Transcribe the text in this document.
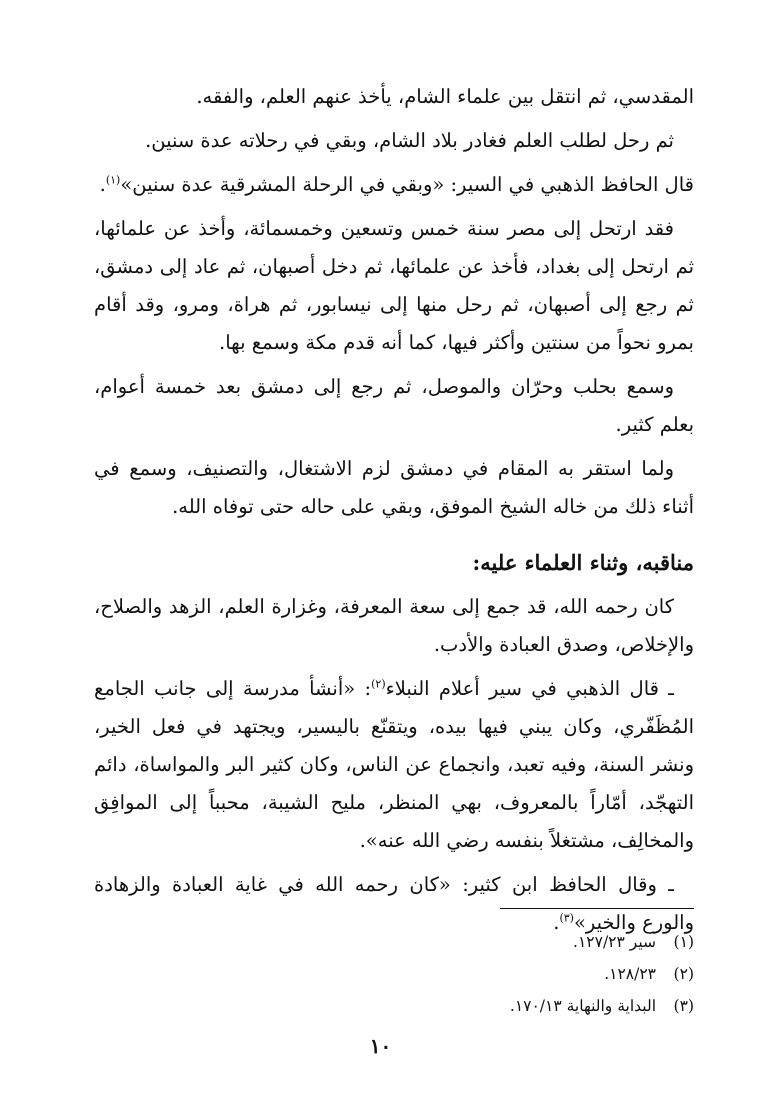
المقدسي، ثم انتقل بين علماء الشام، يأخذ عنهم العلم، والفقه.

ثم رحل لطلب العلم فغادر بلاد الشام، وبقي في رحلاته عدة سنين.

قال الحافظ الذهبي في السير: «وبقي في الرحلة المشرقية عدة سنين»$^{(١)}$.

فقد ارتحل إلى مصر سنة خمس وتسعين وخمسمائة، وأخذ عن علمائها، ثم ارتحل إلى بغداد، فأخذ عن علمائها، ثم دخل أصبهان، ثم عاد إلى دمشق، ثم رجع إلى أصبهان، ثم رحل منها إلى نيسابور، ثم هراة، ومرو، وقد أقام بمرو نحواً من سنتين وأكثر فيها، كما أنه قدم مكة وسمع بها.

وسمع بحلب وحرّان والموصل، ثم رجع إلى دمشق بعد خمسة أعوام، بعلم كثير.

ولما استقر به المقام في دمشق لزم الاشتغال، والتصنيف، وسمع في أثناء ذلك من خاله الشيخ الموفق، وبقي على حاله حتى توفاه الله.

مناقبه، وثناء العلماء عليه:

كان رحمه الله، قد جمع إلى سعة المعرفة، وغزارة العلم، الزهد والصلاح، والإخلاص، وصدق العبادة والأدب.

ـ قال الذهبي في سير أعلام النبلاء$^{(٢)}$: «أنشأ مدرسة إلى جانب الجامع المُظَفّري، وكان يبني فيها بيده، ويتقنّع باليسير، ويجتهد في فعل الخير، ونشر السنة، وفيه تعبد، وانجماع عن الناس، وكان كثير البر والمواساة، دائم التهجّد، أمّاراً بالمعروف، بهي المنظر، مليح الشيبة، محبباً إلى الموافِق والمخالِف، مشتغلاً بنفسه رضي الله عنه».

ـ وقال الحافظ ابن كثير: «كان رحمه الله في غاية العبادة والزهادة والورع والخير»$^{(٣)}$.

(١)
سير ١٢٧/٢٣.
(٢)
١٢٨/٢٣.
(٣)
البداية والنهاية ١٧٠/١٣.
١٠
